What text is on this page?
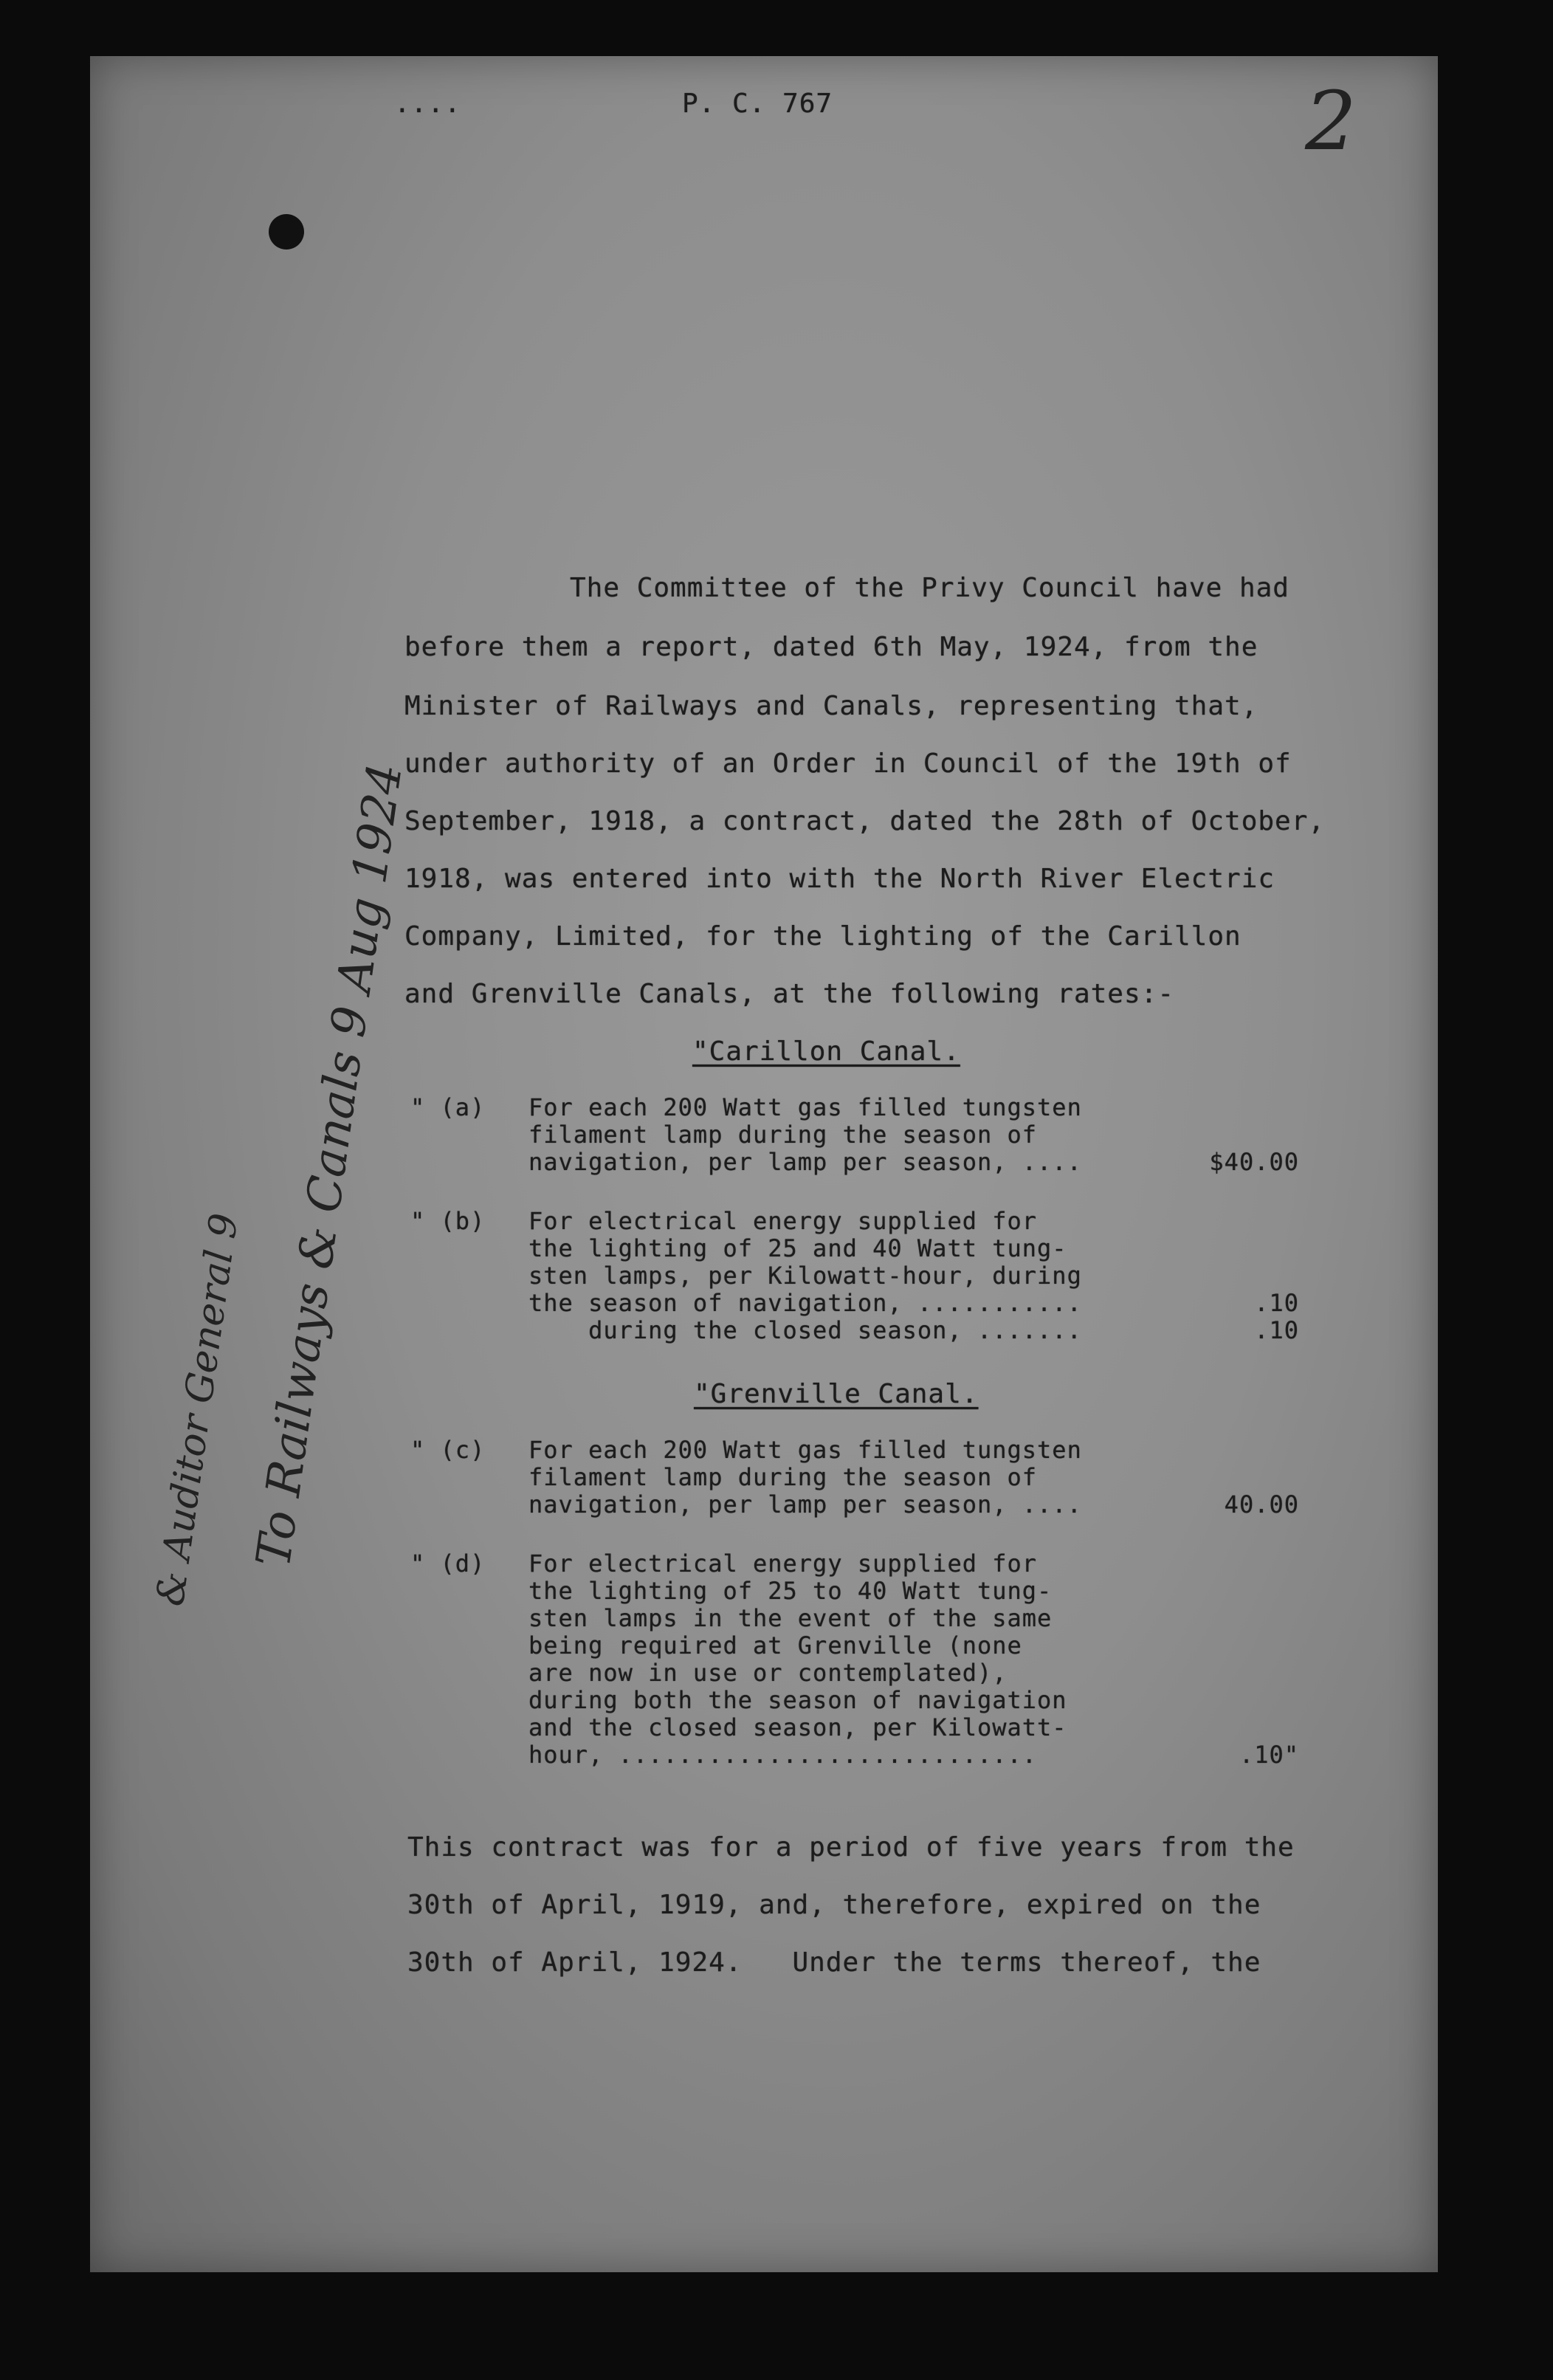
....	P. C. 767	2
The Committee of the Privy Council have had
before them a report, dated 6th May, 1924, from the
Minister of Railways and Canals, representing that,
under authority of an Order in Council of the 19th of
September, 1918, a contract, dated the 28th of October,
1918, was entered into with the North River Electric
Company, Limited, for the lighting of the Carillon
and Grenville Canals, at the following rates:-
"Carillon Canal.
" (a) For each 200 Watt gas filled tungsten
filament lamp during the season of
navigation, per lamp per season, ....	$40.00
" (b) For electrical energy supplied for
the lighting of 25 and 40 Watt tung-
sten lamps, per Kilowatt-hour, during
the season of navigation, ...........	.10
during the closed season, .......	.10
"Grenville Canal.
" (c) For each 200 Watt gas filled tungsten
filament lamp during the season of
navigation, per lamp per season, ....	40.00
" (d) For electrical energy supplied for
the lighting of 25 to 40 Watt tung-
sten lamps in the event of the same
being required at Grenville (none
are now in use or contemplated),
during both the season of navigation
and the closed season, per Kilowatt-
hour, ............................	.10"
This contract was for a period of five years from the
30th of April, 1919, and, therefore, expired on the
30th of April, 1924.   Under the terms thereof, the
To Railways & Canals 9 Aug 1924
& Auditor General 9
